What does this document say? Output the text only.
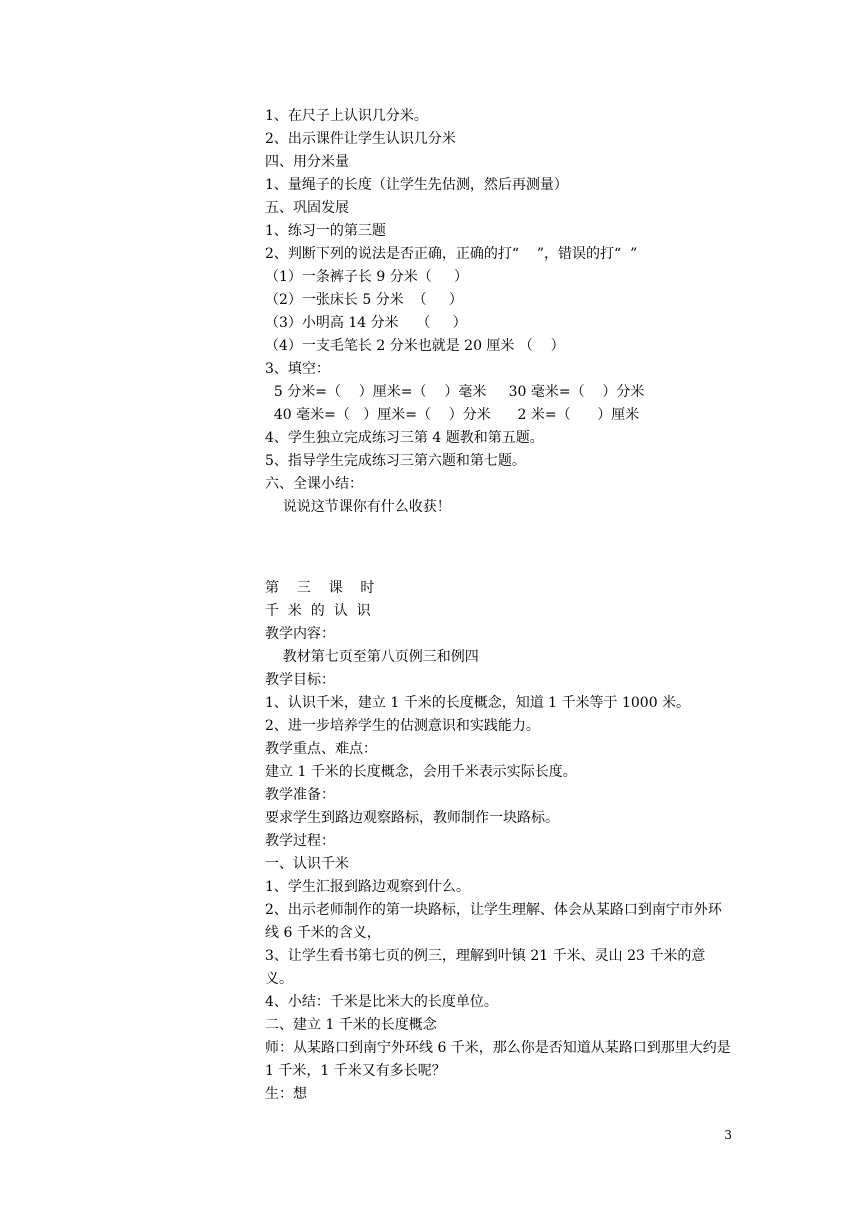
1、在尺子上认识几分米。
2、出示课件让学生认识几分米
四、用分米量
1、量绳子的长度（让学生先估测，然后再测量）
五、巩固发展
1、练习一的第三题
2、判断下列的说法是否正确，正确的打“    ”，错误的打“  ”
（1）一条裤子长 9 分米（     ）
（2）一张床长 5 分米  （     ）
（3）小明高 14 分米    （     ）
（4）一支毛笔长 2 分米也就是 20 厘米 （    ）
3、填空：
5 分米=（    ）厘米=（    ）毫米     30 毫米=（    ）分米
40 毫米=（   ）厘米=（    ）分米      2 米=（      ）厘米
4、学生独立完成练习三第 4 题教和第五题。
5、指导学生完成练习三第六题和第七题。
六、全课小结：
说说这节课你有什么收获！
第    三    课    时
千  米  的  认  识
教学内容：
教材第七页至第八页例三和例四
教学目标：
1、认识千米，建立 1 千米的长度概念，知道 1 千米等于 1000 米。
2、进一步培养学生的估测意识和实践能力。
教学重点、难点：
建立 1 千米的长度概念，会用千米表示实际长度。
教学准备：
要求学生到路边观察路标，教师制作一块路标。
教学过程：
一、认识千米
1、学生汇报到路边观察到什么。
2、出示老师制作的第一块路标，让学生理解、体会从某路口到南宁市外环线 6 千米的含义，
3、让学生看书第七页的例三，理解到叶镇 21 千米、灵山 23 千米的意义。
4、小结：千米是比米大的长度单位。
二、建立 1 千米的长度概念
师：从某路口到南宁外环线 6 千米，那么你是否知道从某路口到那里大约是 1 千米，1 千米又有多长呢？
生：想
3
